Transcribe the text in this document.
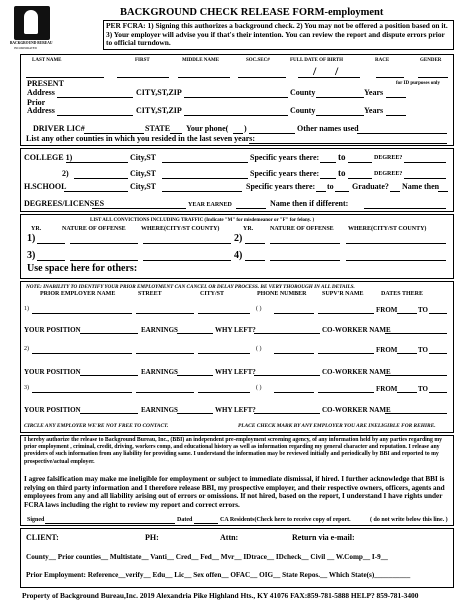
BACKGROUND BUREAU
INCORPORATED
BACKGROUND CHECK RELEASE FORM-employment
PER FCRA: 1) Signing this authorizes a background check. 2) You may not be offered a position based on it. 3) Your employer will advise you if that's their intention. You can review the report and dispute errors prior to official turndown.
LAST NAME	FIRST	MIDDLE NAME	SOC.SEC#	FULL DATE OF BIRTH	RACE	GENDER
/ /
for ID purposes only
PRESENT
Address	CITY,ST,ZIP	County	Years
Prior
Address	CITY,ST,ZIP	County	Years
DRIVER LIC#	STATE Your phone( )	Other names used
List any other counties in which you resided in the last seven years:
COLLEGE 1)	City,ST	Specific years there: to	DEGREE?
2)	City,ST	Specific years there: to	DEGREE?
H.SCHOOL	City,ST	Specific years there: to Graduate? Name then
DEGREES/LICENSES	YEAR EARNED	Name then if different:
LIST ALL CONVICTIONS INCLUDING TRAFFIC (Indicate "M" for misdemeanor or "F" for felony. )
YR.	NATURE OF OFFENSE	WHERE(CITY/ST COUNTY)	YR.	NATURE OF OFFENSE WHERE(CITY/ST COUNTY)
1)	2)
3)	4)
Use space here for others:
NOTE: INABILITY TO IDENTIFY YOUR PRIOR EMPLOYMENT CAN CANCEL OR DELAY PROCESS. BE VERY THOROUGH IN ALL DETAILS.
PRIOR EMPLOYER NAME	STREET	CITY/ST	PHONE NUMBER	SUPV'R NAME	DATES THERE
1)	( )	FROM	TO
YOUR POSITION	EARNINGS	WHY LEFT?	CO-WORKER NAME
2)	( )	FROM	TO
YOUR POSITION	EARNINGS	WHY LEFT?	CO-WORKER NAME
3)	( )	FROM	TO
YOUR POSITION	EARNINGS	WHY LEFT?	CO-WORKER NAME
CIRCLE ANY EMPLOYER WE'RE NOT FREE TO CONTACT.	PLACE CHECK MARK BY ANY EMPLOYER YOU ARE INELIGIBLE FOR REHIRE.
I hereby authorize the release to Background Bureau, Inc., (BBI) an independent pre-employment screening agency, of any information held by any parties regarding my prior employment , criminal, credit, driving, workers comp, and educational history as well as information regarding my general character and reputation. I release any providers of such information from any liability for providing same. I understand the information may be reviewed initially and periodically by BBI and reported to my prospective/actual employer.
I agree falsification may make me ineligible for employment or subject to immediate dismissal, if hired. I further acknowledge that BBI is relying on third party information and I therefore release BBI, my prospective employer, and their respective owners, officers, agents and employees from any and all liability arising out of errors or omissions. If not hired, based on the report, I understand I have rights under FCRA laws including the right to review my report and correct errors.
Signed	Dated	CA Residents(Check here to receive copy of report.	( do not write below this line. )
CLIENT:	PH:	Attn:	Return via e-mail:
County__ Prior counties__ Multistate__ Vanti__ Cred__ Fed__ Mvr__ IDtrace__ IDcheck__ Civil __ W.Comp__ I-9__
Prior Employment: Reference__verify__ Edu__ Lic__ Sex offen__ OFAC__ OIG__ State Repos.__ Which State(s)__________
Property of Background Bureau,Inc. 2019 Alexandria Pike Highland Hts., KY 41076 FAX:859-781-5888 HELP? 859-781-3400
